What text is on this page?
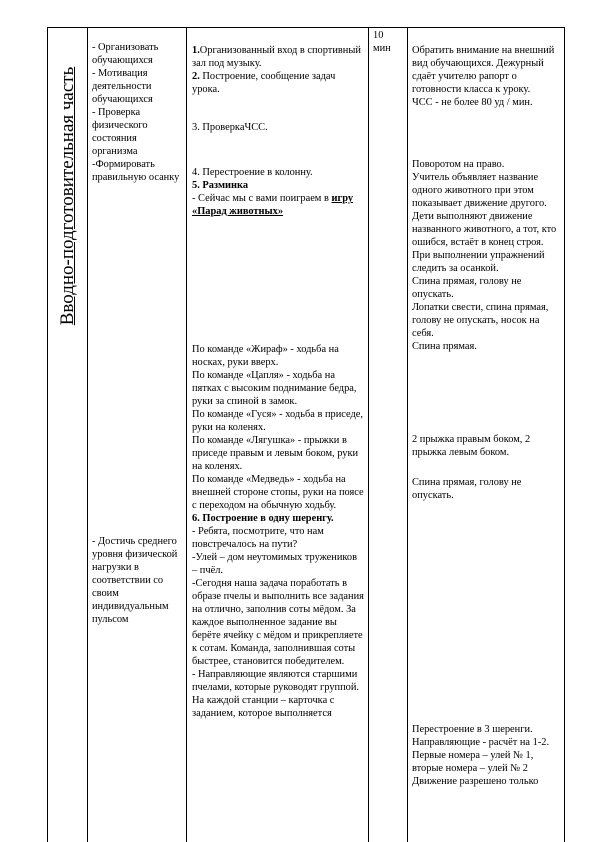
Вводно-подготовительная часть

- Организовать обучающихся

- Мотивация деятельности обучающихся

- Проверка физического состояния организма

-Формировать правильную осанку

- Достичь среднего уровня физической нагрузки в соответствии со своим индивидуальным пульсом

1.Организованный вход в спортивный зал под музыку.

2. Построение, сообщение задач урока.

3. ПроверкаЧСС.

4. Перестроение в колонну.

5. Разминка

- Сейчас мы с вами поиграем в игру «Парад животных»

По команде «Жираф» - ходьба на носках, руки вверх.

По команде «Цапля» - ходьба на пятках с высоким поднимание бедра, руки за спиной в замок.

По команде «Гуся» - ходьба в приседе, руки на коленях.

По команде «Лягушка» - прыжки в приседе правым и левым боком, руки на коленях.

По команде «Медведь» - ходьба на внешней стороне стопы, руки на поясе с переходом на обычную ходьбу.

6. Построение в одну шеренгу.

- Ребята, посмотрите, что нам повстречалось на пути?

-Улей – дом неутомимых тружеников – пчёл.

-Сегодня наша задача поработать в образе пчелы и выполнить все задания на отлично, заполнив соты мёдом. За каждое выполненное задание вы берёте ячейку с мёдом и прикрепляете к сотам. Команда, заполнившая соты быстрее, становится победителем.

- Направляющие являются старшими пчелами, которые руководят группой.

На каждой станции – карточка с заданием, которое выполняется

10

мин	Обратить внимание на внешний вид обучающихся. Дежурный сдаёт учителю рапорт о готовности класса к уроку.

ЧСС - не более 80 уд / мин.

Поворотом на право.

Учитель объявляет название одного животного при этом показывает движение другого. Дети выполняют движение названного животного, а тот, кто ошибся, встаёт в конец строя.

При выполнении упражнений следить за осанкой.

Спина прямая, голову не опускать.

Лопатки свести, спина прямая, голову не опускать, носок на себя.

Спина прямая.

2 прыжка правым боком, 2 прыжка левым боком.

Спина прямая, голову не опускать.

Перестроение в 3 шеренги. Направляющие - расчёт на 1-2.

Первые номера – улей № 1, вторые номера – улей № 2

Движение разрешено только
